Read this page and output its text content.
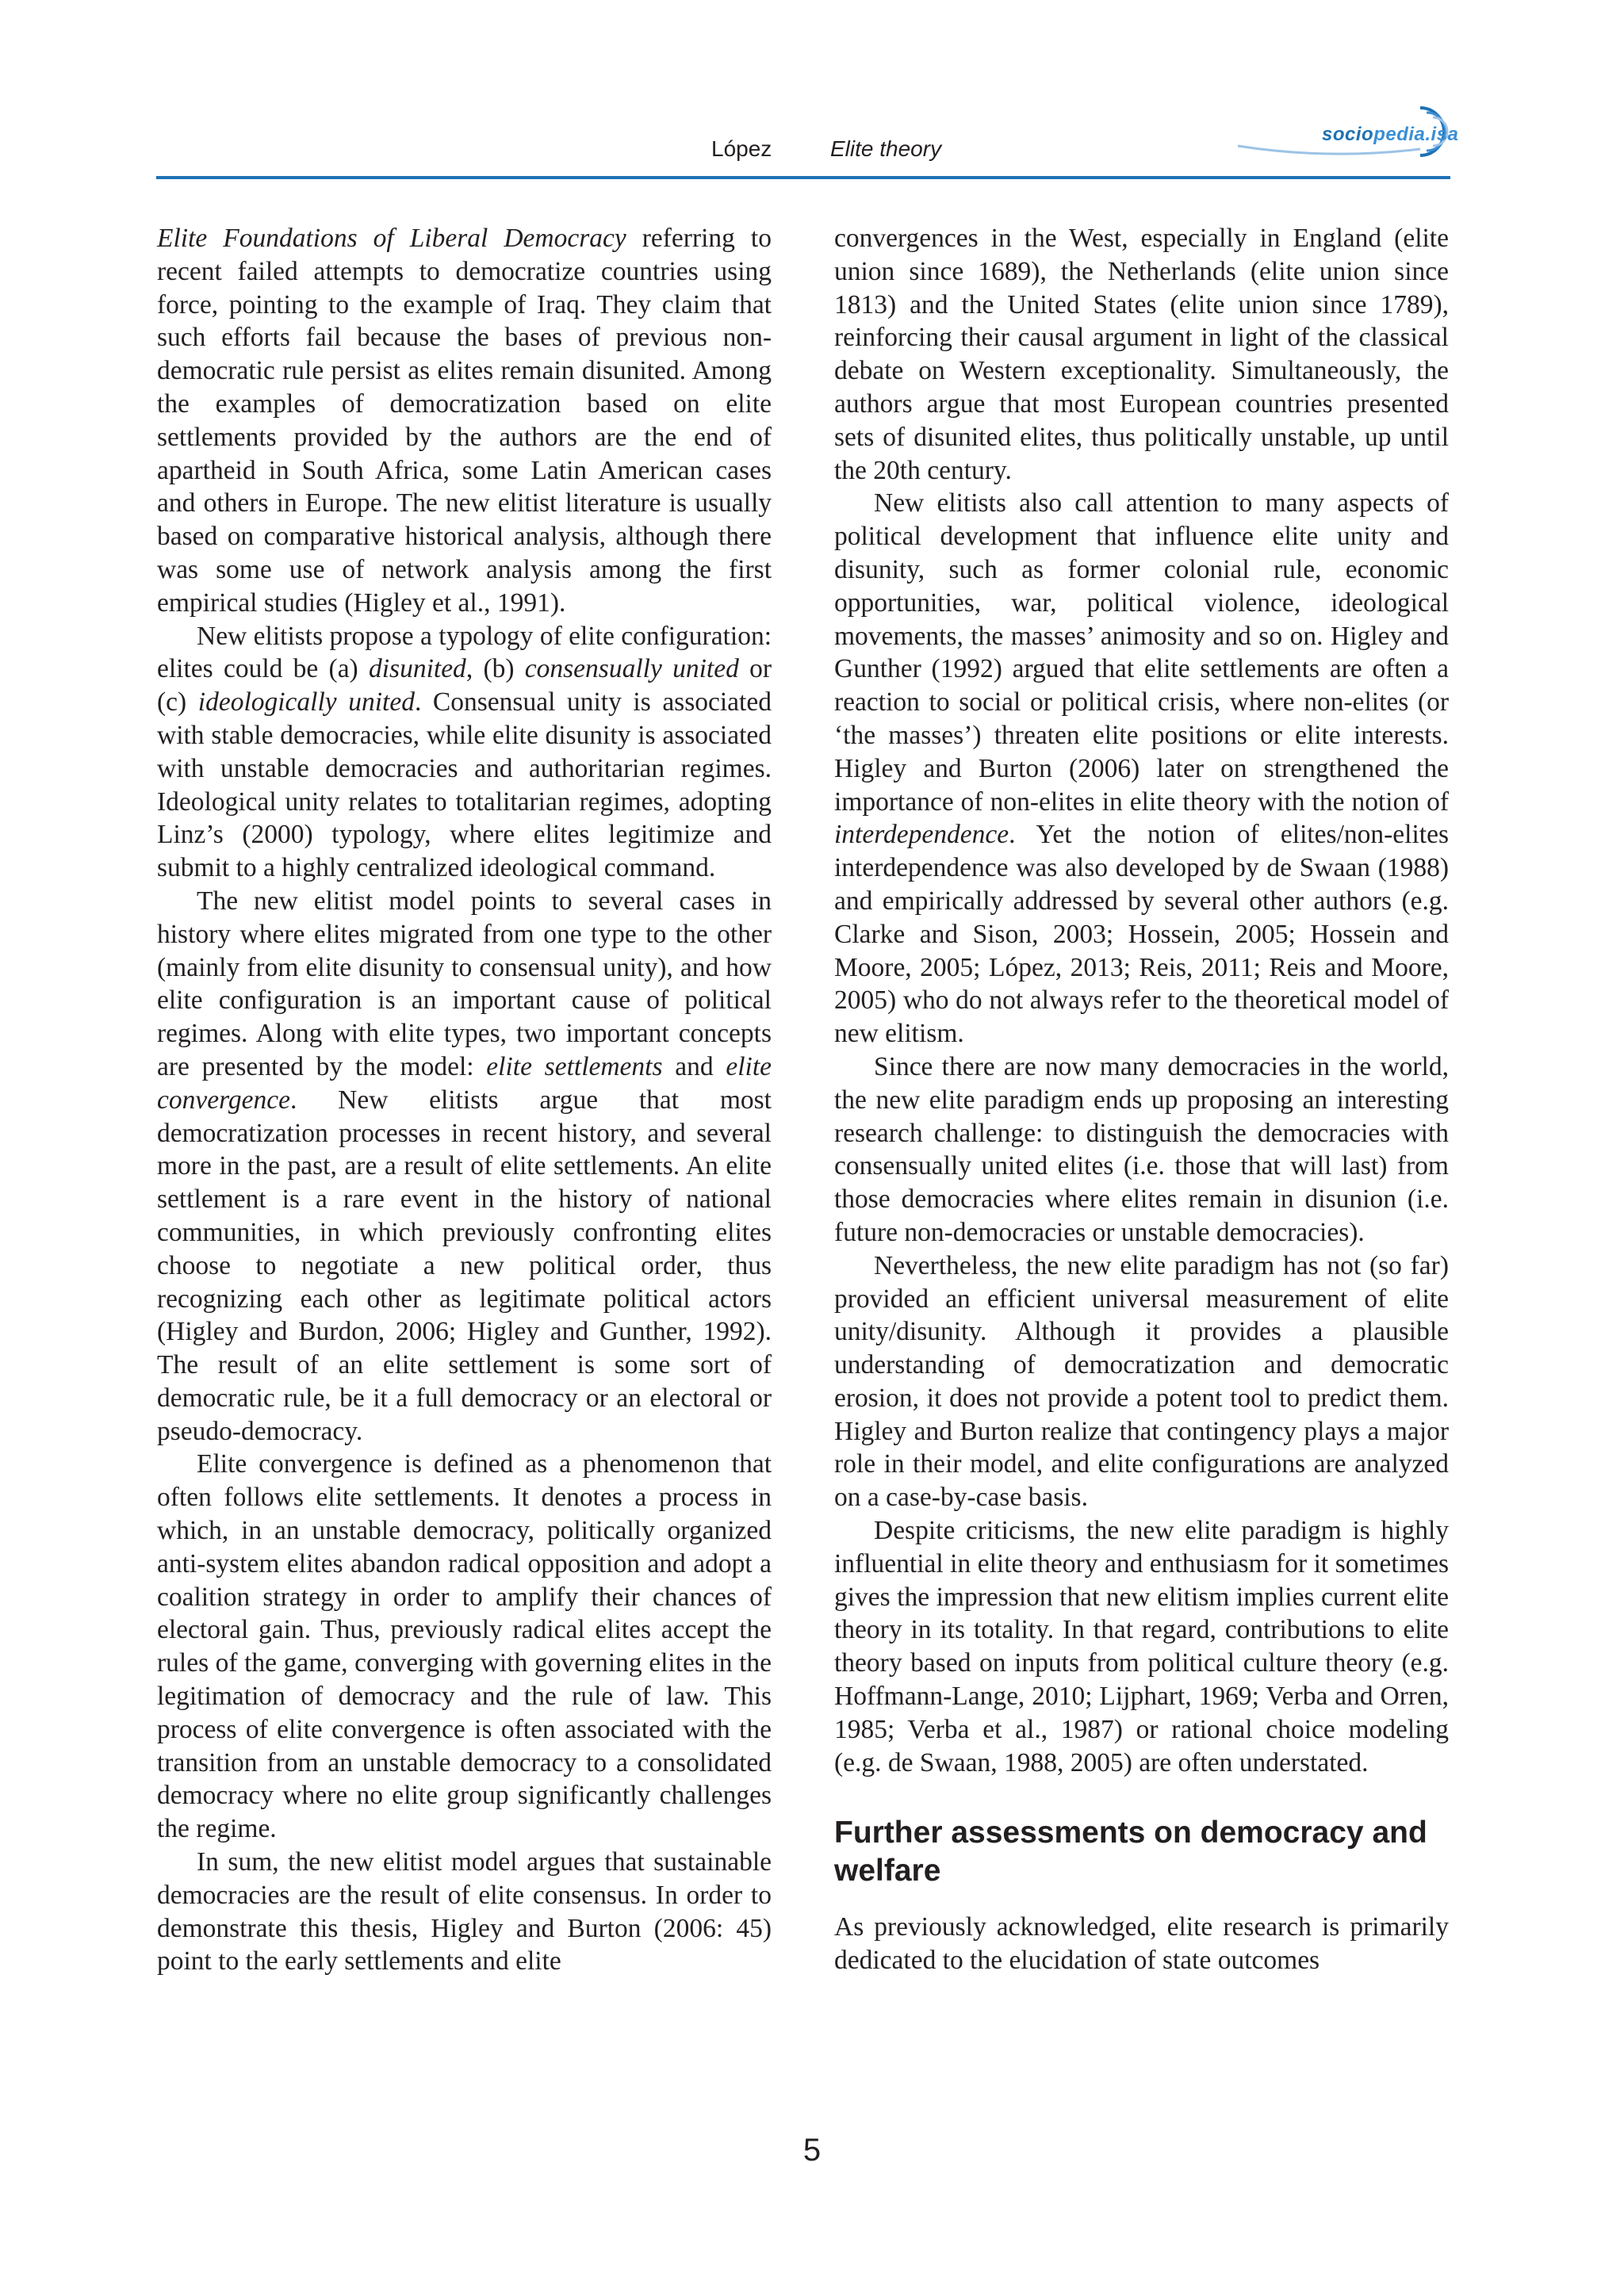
López	Elite theory
sociopedia.isa

Elite Foundations of Liberal Democracy referring to recent failed attempts to democratize countries using force, pointing to the example of Iraq. They claim that such efforts fail because the bases of previous non-democratic rule persist as elites remain disunited. Among the examples of democratization based on elite settlements provided by the authors are the end of apartheid in South Africa, some Latin American cases and others in Europe. The new elitist literature is usually based on comparative historical analysis, although there was some use of network analysis among the first empirical studies (Higley et al., 1991).

New elitists propose a typology of elite configuration: elites could be (a) disunited, (b) consensually united or (c) ideologically united. Consensual unity is associated with stable democracies, while elite disunity is associated with unstable democracies and authoritarian regimes. Ideological unity relates to totalitarian regimes, adopting Linz’s (2000) typology, where elites legitimize and submit to a highly centralized ideological command.

The new elitist model points to several cases in history where elites migrated from one type to the other (mainly from elite disunity to consensual unity), and how elite configuration is an important cause of political regimes. Along with elite types, two important concepts are presented by the model: elite settlements and elite convergence. New elitists argue that most democratization processes in recent history, and several more in the past, are a result of elite settlements. An elite settlement is a rare event in the history of national communities, in which previously confronting elites choose to negotiate a new political order, thus recognizing each other as legitimate political actors (Higley and Burdon, 2006; Higley and Gunther, 1992). The result of an elite settlement is some sort of democratic rule, be it a full democracy or an electoral or pseudo-democracy.

Elite convergence is defined as a phenomenon that often follows elite settlements. It denotes a process in which, in an unstable democracy, politically organized anti-system elites abandon radical opposition and adopt a coalition strategy in order to amplify their chances of electoral gain. Thus, previously radical elites accept the rules of the game, converging with governing elites in the legitimation of democracy and the rule of law. This process of elite convergence is often associated with the transition from an unstable democracy to a consolidated democracy where no elite group significantly challenges the regime.

In sum, the new elitist model argues that sustainable democracies are the result of elite consensus. In order to demonstrate this thesis, Higley and Burton (2006: 45) point to the early settlements and elite

convergences in the West, especially in England (elite union since 1689), the Netherlands (elite union since 1813) and the United States (elite union since 1789), reinforcing their causal argument in light of the classical debate on Western exceptionality. Simultaneously, the authors argue that most European countries presented sets of disunited elites, thus politically unstable, up until the 20th century.

New elitists also call attention to many aspects of political development that influence elite unity and disunity, such as former colonial rule, economic opportunities, war, political violence, ideological movements, the masses’ animosity and so on. Higley and Gunther (1992) argued that elite settlements are often a reaction to social or political crisis, where non-elites (or ‘the masses’) threaten elite positions or elite interests. Higley and Burton (2006) later on strengthened the importance of non-elites in elite theory with the notion of interdependence. Yet the notion of elites/non-elites interdependence was also developed by de Swaan (1988) and empirically addressed by several other authors (e.g. Clarke and Sison, 2003; Hossein, 2005; Hossein and Moore, 2005; López, 2013; Reis, 2011; Reis and Moore, 2005) who do not always refer to the theoretical model of new elitism.

Since there are now many democracies in the world, the new elite paradigm ends up proposing an interesting research challenge: to distinguish the democracies with consensually united elites (i.e. those that will last) from those democracies where elites remain in disunion (i.e. future non-democracies or unstable democracies).

Nevertheless, the new elite paradigm has not (so far) provided an efficient universal measurement of elite unity/disunity. Although it provides a plausible understanding of democratization and democratic erosion, it does not provide a potent tool to predict them. Higley and Burton realize that contingency plays a major role in their model, and elite configurations are analyzed on a case-by-case basis.

Despite criticisms, the new elite paradigm is highly influential in elite theory and enthusiasm for it sometimes gives the impression that new elitism implies current elite theory in its totality. In that regard, contributions to elite theory based on inputs from political culture theory (e.g. Hoffmann-Lange, 2010; Lijphart, 1969; Verba and Orren, 1985; Verba et al., 1987) or rational choice modeling (e.g. de Swaan, 1988, 2005) are often understated.

Further assessments on democracy and welfare

As previously acknowledged, elite research is primarily dedicated to the elucidation of state outcomes

5
